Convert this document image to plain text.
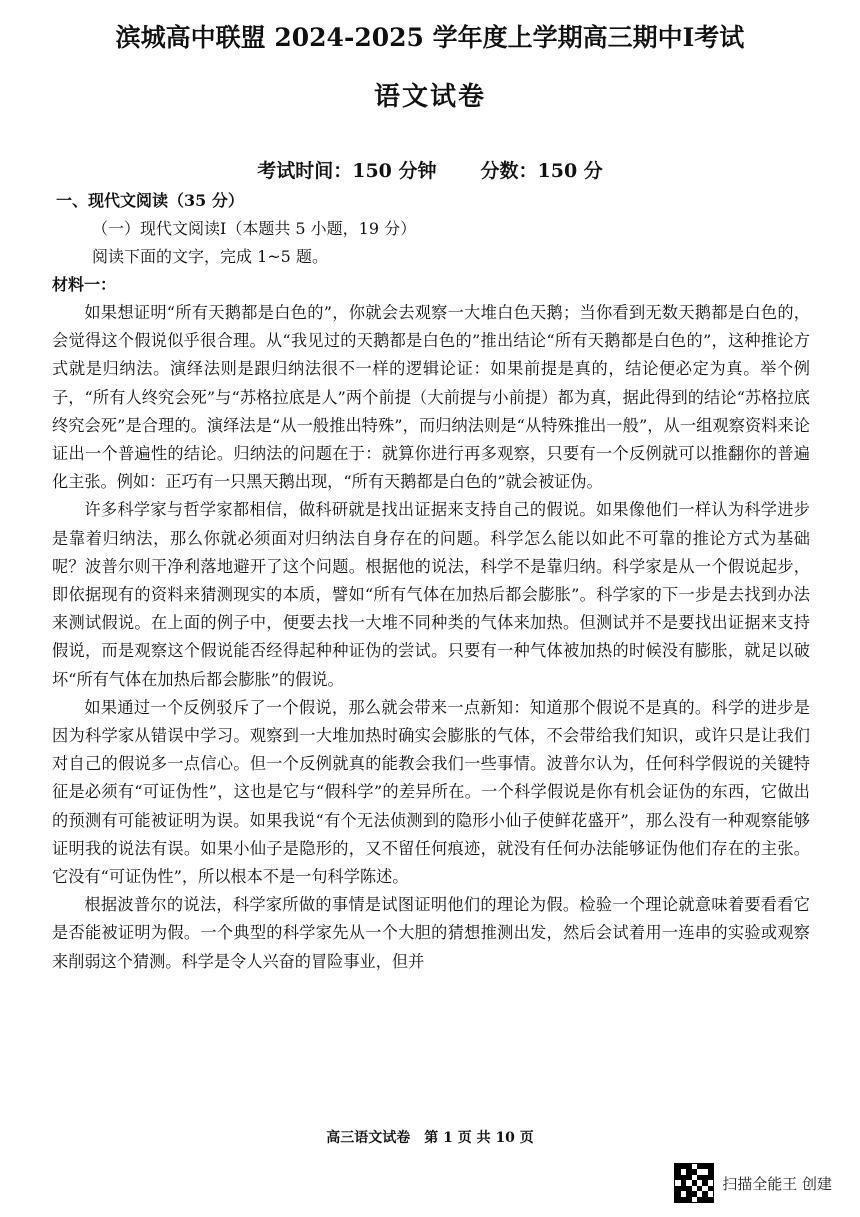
滨城高中联盟 2024-2025 学年度上学期高三期中Ⅰ考试
语文试卷
考试时间：150 分钟 分数：150 分
一、现代文阅读（35 分）
（一）现代文阅读Ⅰ（本题共 5 小题，19 分）
阅读下面的文字，完成 1~5 题。
材料一：

如果想证明“所有天鹅都是白色的”，你就会去观察一大堆白色天鹅；当你看到无数天鹅都是白色的，会觉得这个假说似乎很合理。从“我见过的天鹅都是白色的”推出结论“所有天鹅都是白色的”，这种推论方式就是归纳法。演绎法则是跟归纳法很不一样的逻辑论证：如果前提是真的，结论便必定为真。举个例子，“所有人终究会死”与“苏格拉底是人”两个前提（大前提与小前提）都为真，据此得到的结论“苏格拉底终究会死”是合理的。演绎法是“从一般推出特殊”，而归纳法则是“从特殊推出一般”，从一组观察资料来论证出一个普遍性的结论。归纳法的问题在于：就算你进行再多观察，只要有一个反例就可以推翻你的普遍化主张。例如：正巧有一只黑天鹅出现，“所有天鹅都是白色的”就会被证伪。

许多科学家与哲学家都相信，做科研就是找出证据来支持自己的假说。如果像他们一样认为科学进步是靠着归纳法，那么你就必须面对归纳法自身存在的问题。科学怎么能以如此不可靠的推论方式为基础呢？波普尔则干净利落地避开了这个问题。根据他的说法，科学不是靠归纳。科学家是从一个假说起步，即依据现有的资料来猜测现实的本质，譬如“所有气体在加热后都会膨胀”。科学家的下一步是去找到办法来测试假说。在上面的例子中，便要去找一大堆不同种类的气体来加热。但测试并不是要找出证据来支持假说，而是观察这个假说能否经得起种种证伪的尝试。只要有一种气体被加热的时候没有膨胀，就足以破坏“所有气体在加热后都会膨胀”的假说。

如果通过一个反例驳斥了一个假说，那么就会带来一点新知：知道那个假说不是真的。科学的进步是因为科学家从错误中学习。观察到一大堆加热时确实会膨胀的气体，不会带给我们知识，或许只是让我们对自己的假说多一点信心。但一个反例就真的能教会我们一些事情。波普尔认为，任何科学假说的关键特征是必须有“可证伪性”，这也是它与“假科学”的差异所在。一个科学假说是你有机会证伪的东西，它做出的预测有可能被证明为误。如果我说“有个无法侦测到的隐形小仙子使鲜花盛开”，那么没有一种观察能够证明我的说法有误。如果小仙子是隐形的，又不留任何痕迹，就没有任何办法能够证伪他们存在的主张。它没有“可证伪性”，所以根本不是一句科学陈述。

根据波普尔的说法，科学家所做的事情是试图证明他们的理论为假。检验一个理论就意味着要看看它是否能被证明为假。一个典型的科学家先从一个大胆的猜想推测出发，然后会试着用一连串的实验或观察来削弱这个猜测。科学是令人兴奋的冒险事业，但并

高三语文试卷　第 1 页 共 10 页
扫描全能王 创建
